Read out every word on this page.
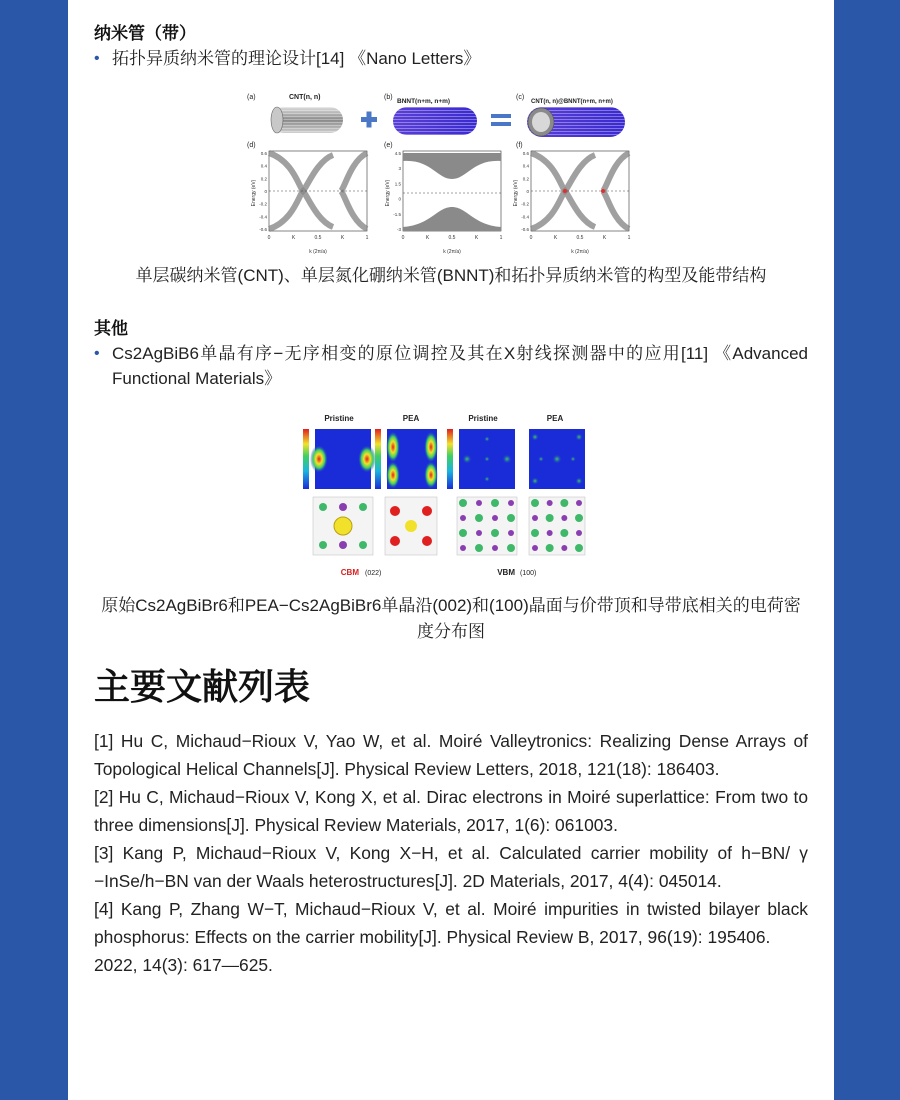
纳米管（带）
• 拓扑异质纳米管的理论设计[14] 《Nano Letters》
(a)	CNT(n, n)	(b)
BNNT(n+m, n+m)
(c)
CNT(n, n)@BNNT(n+m, n+m)
(d)	(e)	(f)
Energy (eV)	Energy (eV)	Energy (eV)
k (2π/a)	k (2π/a)	k (2π/a)
0	K	0.5	K	1	0	K	0.5	K	1	0	K	0.5	K	1
0.6
0.4
0.2
0
-0.2
-0.4
-0.6
4.5
3
1.5
0
-1.5
-3
0.6
0.4
0.2
0
-0.2
-0.4
-0.6
单层碳纳米管(CNT)、单层氮化硼纳米管(BNNT)和拓扑异质纳米管的构型及能带结构
其他
• Cs2AgBiB6单晶有序−无序相变的原位调控及其在X射线探测器中的应用[11] 《Advanced Functional Materials》
Pristine	PEA	Pristine	PEA
CBM (022)	VBM (100)
原始Cs2AgBiBr6和PEA−Cs2AgBiBr6单晶沿(002)和(100)晶面与价带顶和导带底相关的电荷密度分布图
主要文献列表

[1] Hu C, Michaud−Rioux V, Yao W, et al. Moiré Valleytronics: Realizing Dense Arrays of Topological Helical Channels[J]. Physical Review Letters, 2018, 121(18): 186403.

[2] Hu C, Michaud−Rioux V, Kong X, et al. Dirac electrons in Moiré superlattice: From two to three dimensions[J]. Physical Review Materials, 2017, 1(6): 061003.

[3] Kang P, Michaud−Rioux V, Kong X−H, et al. Calculated carrier mobility of h−BN/ γ −InSe/h−BN van der Waals heterostructures[J]. 2D Materials, 2017, 4(4): 045014.

[4] Kang P, Zhang W−T, Michaud−Rioux V, et al. Moiré impurities in twisted bilayer black phosphorus: Effects on the carrier mobility[J]. Physical Review B, 2017, 96(19): 195406.

2022, 14(3): 617—625.
